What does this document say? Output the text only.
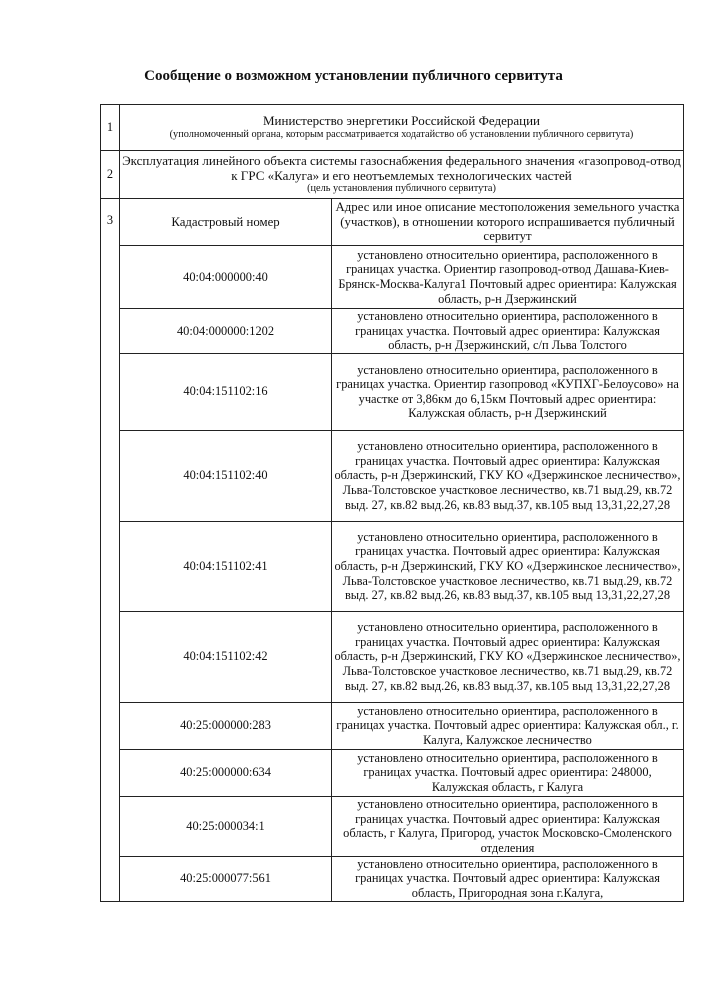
Сообщение о возможном установлении публичного сервитута
1	Министерство энергетики Российской Федерации
(уполномоченный органа, которым рассматривается ходатайство об установлении публичного сервитута)	

2	Эксплуатация линейного объекта системы газоснабжения федерального значения «газопровод-отвод к ГРС «Калуга» и его неотъемлемых технологических частей
(цель установления публичного сервитута)	

3	Кадастровый номер	Адрес или иное описание местоположения земельного участка (участков), в отношении которого испрашивается публичный сервитут
	40:04:000000:40	установлено относительно ориентира, расположенного в границах участка. Ориентир газопровод-отвод Дашава-Киев-Брянск-Москва-Калуга1 Почтовый адрес ориентира: Калужская область, р-н Дзержинский
	40:04:000000:1202	установлено относительно ориентира, расположенного в границах участка. Почтовый адрес ориентира: Калужская область, р-н Дзержинский, с/п Льва Толстого
	40:04:151102:16	установлено относительно ориентира, расположенного в границах участка. Ориентир газопровод «КУПХГ-Белоусово» на участке от 3,86км до 6,15км Почтовый адрес ориентира: Калужская область, р-н Дзержинский
	40:04:151102:40	установлено относительно ориентира, расположенного в границах участка. Почтовый адрес ориентира: Калужская область, р-н Дзержинский, ГКУ КО «Дзержинское лесничество», Льва-Толстовское участковое лесничество, кв.71 выд.29, кв.72 выд. 27, кв.82 выд.26, кв.83 выд.37, кв.105 выд 13,31,22,27,28
	40:04:151102:41	установлено относительно ориентира, расположенного в границах участка. Почтовый адрес ориентира: Калужская область, р-н Дзержинский, ГКУ КО «Дзержинское лесничество», Льва-Толстовское участковое лесничество, кв.71 выд.29, кв.72 выд. 27, кв.82 выд.26, кв.83 выд.37, кв.105 выд 13,31,22,27,28
	40:04:151102:42	установлено относительно ориентира, расположенного в границах участка. Почтовый адрес ориентира: Калужская область, р-н Дзержинский, ГКУ КО «Дзержинское лесничество», Льва-Толстовское участковое лесничество, кв.71 выд.29, кв.72 выд. 27, кв.82 выд.26, кв.83 выд.37, кв.105 выд 13,31,22,27,28
	40:25:000000:283	установлено относительно ориентира, расположенного в границах участка. Почтовый адрес ориентира: Калужская обл., г. Калуга, Калужское лесничество
	40:25:000000:634	установлено относительно ориентира, расположенного в границах участка. Почтовый адрес ориентира: 248000, Калужская область, г Калуга
	40:25:000034:1	установлено относительно ориентира, расположенного в границах участка. Почтовый адрес ориентира: Калужская область, г Калуга, Пригород, участок Московско-Смоленского отделения
	40:25:000077:561	установлено относительно ориентира, расположенного в границах участка. Почтовый адрес ориентира: Калужская область, Пригородная зона г.Калуга,
